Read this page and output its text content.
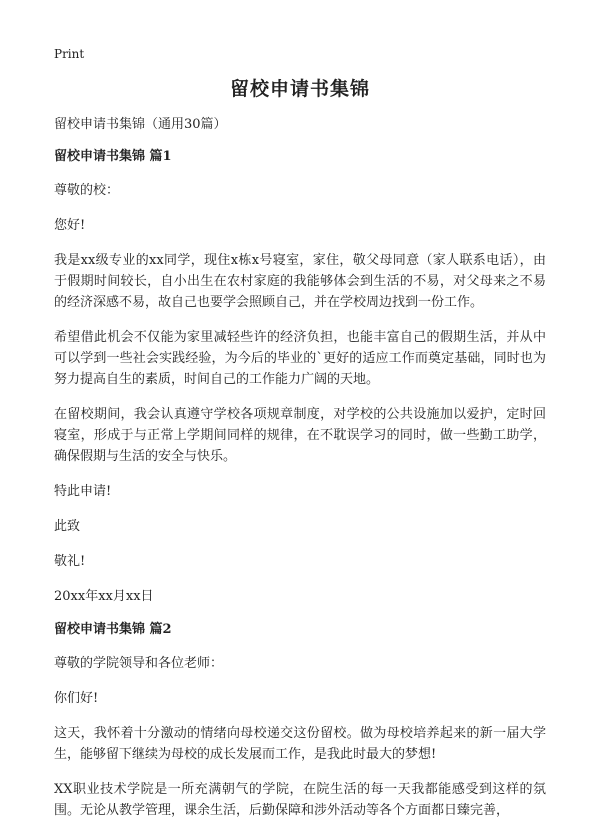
Print
留校申请书集锦
留校申请书集锦（通用30篇）
留校申请书集锦 篇1
尊敬的校：
您好!
我是xx级专业的xx同学，现住x栋x号寝室，家住，敬父母同意（家人联系电话），由于假期时间较长，自小出生在农村家庭的我能够体会到生活的不易，对父母来之不易的经济深感不易，故自己也要学会照顾自己，并在学校周边找到一份工作。
希望借此机会不仅能为家里减轻些许的经济负担，也能丰富自己的假期生活，并从中可以学到一些社会实践经验，为今后的毕业的`更好的适应工作而奠定基础，同时也为努力提高自生的素质，时间自己的工作能力广阔的天地。
在留校期间，我会认真遵守学校各项规章制度，对学校的公共设施加以爱护，定时回寝室，形成于与正常上学期间同样的规律，在不耽误学习的同时，做一些勤工助学，确保假期与生活的安全与快乐。
特此申请!
此致
敬礼!
20xx年xx月xx日
留校申请书集锦 篇2
尊敬的学院领导和各位老师：
你们好!
这天，我怀着十分激动的情绪向母校递交这份留校。做为母校培养起来的新一届大学生，能够留下继续为母校的成长发展而工作，是我此时最大的梦想!
XX职业技术学院是一所充满朝气的学院，在院生活的每一天我都能感受到这样的氛围。无论从教学管理，课余生活，后勤保障和涉外活动等各个方面都日臻完善，
